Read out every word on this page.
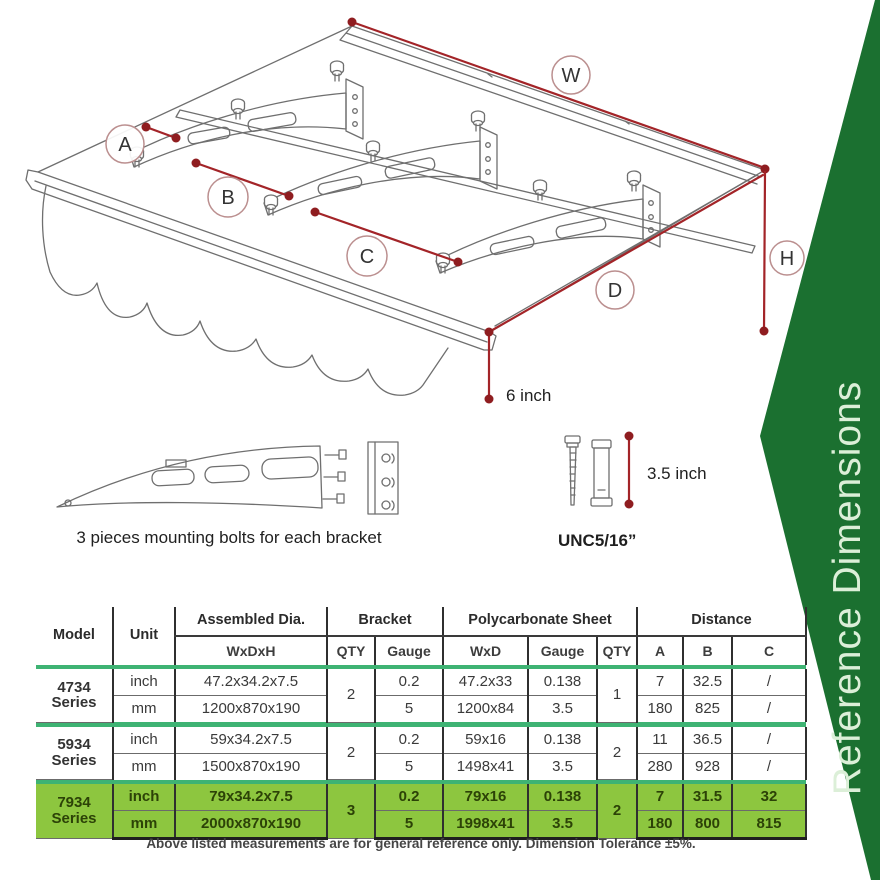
Reference Dimensions
W
H
A
B
C
D
6 inch
3 pieces mounting bolts for each bracket
3.5 inch
UNC5/16”
Model	Unit	Assembled Dia.	Bracket		Polycarbonate Sheet			Distance		
		WxDxH	QTY	Gauge	WxD	Gauge	QTY	A	B	C

4734
Series	inch	47.2x34.2x7.5	2	0.2	47.2x33	0.138	1	7	32.5	/
	mm	1200x870x190		5	1200x84	3.5		180	825	/

5934
Series	inch	59x34.2x7.5	2	0.2	59x16	0.138	2	11	36.5	/
	mm	1500x870x190		5	1498x41	3.5		280	928	/

7934
Series	inch	79x34.2x7.5	3	0.2	79x16	0.138	2	7	31.5	32
	mm	2000x870x190		5	1998x41	3.5		180	800	815
Above listed measurements are for general reference only. Dimension Tolerance ±5%.
